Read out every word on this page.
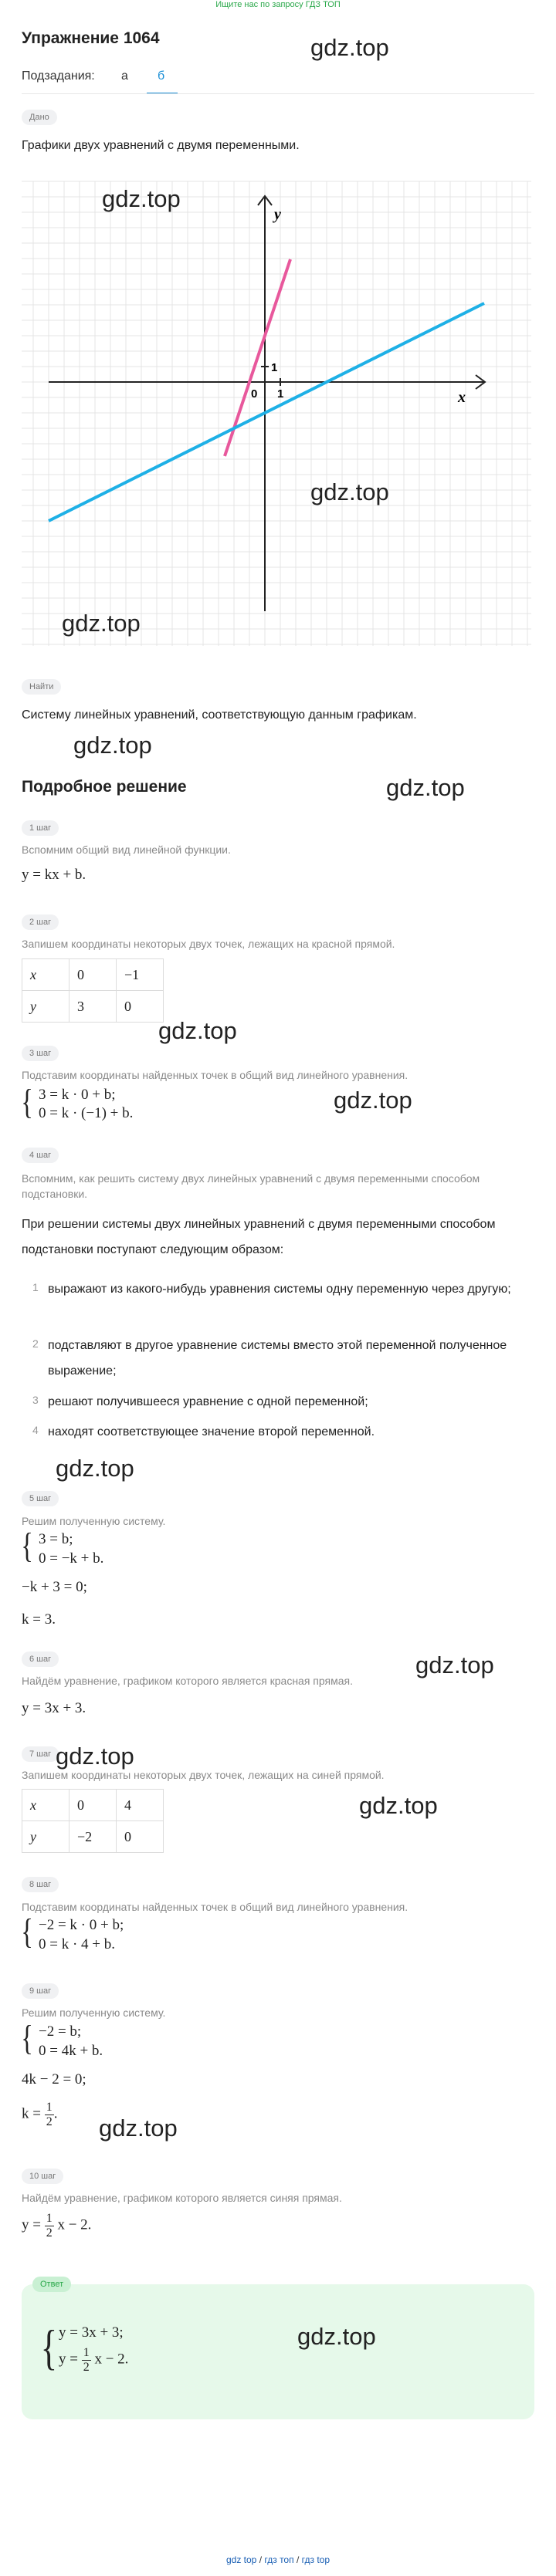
Ищите нас по запросу ГДЗ ТОП
Упражнение 1064	gdz.top
Подзадания: а б
Дано
Графики двух уравнений с двумя переменными.
x
y
0 1
1
gdz.top
gdz.top
gdz.top
Найти
Систему линейных уравнений, соответствующую данным графикам.
gdz.top
Подробное решение	gdz.top
1 шаг
Вспомним общий вид линейной функции.
y = kx + b.
2 шаг
Запишем координаты некоторых двух точек, лежащих на красной прямой.
x	0	−1
y	3	0
gdz.top
3 шаг
Подставим координаты найденных точек в общий вид линейного уравнения.
{ 3 = k · 0 + b;
0 = k · (−1) + b.	gdz.top
4 шаг
Вспомним, как решить систему двух линейных уравнений с двумя переменными способом подстановки.
При решении системы двух линейных уравнений с двумя переменными способом подстановки поступают следующим образом:
1 выражают из какого-нибудь уравнения системы одну переменную через другую;
2 подставляют в другое уравнение системы вместо этой переменной полученное выражение;
3 решают получившееся уравнение с одной переменной;
4 находят соответствующее значение второй переменной.
gdz.top
5 шаг
Решим полученную систему.
{ 3 = b;
0 = −k + b.
−k + 3 = 0;
k = 3.
6 шаг
Найдём уравнение, графиком которого является красная прямая.
gdz.top
y = 3x + 3.
7 шаг
Запишем координаты некоторых двух точек, лежащих на синей прямой.
gdz.top
x	0	4
y	−2	0
gdz.top
8 шаг
Подставим координаты найденных точек в общий вид линейного уравнения.
{ −2 = k · 0 + b;
0 = k · 4 + b.
9 шаг
Решим полученную систему.
{ −2 = b;
0 = 4k + b.
4k − 2 = 0;
$k = \frac{1}{2}$ .
gdz.top
10 шаг
Найдём уравнение, графиком которого является синяя прямая.
$y = \frac{1}{2}$ x − 2.
Ответ
{ y = 3x + 3;
$y = \frac{1}{2}$ x − 2.
gdz.top
gdz top / гдз топ / гдз top
